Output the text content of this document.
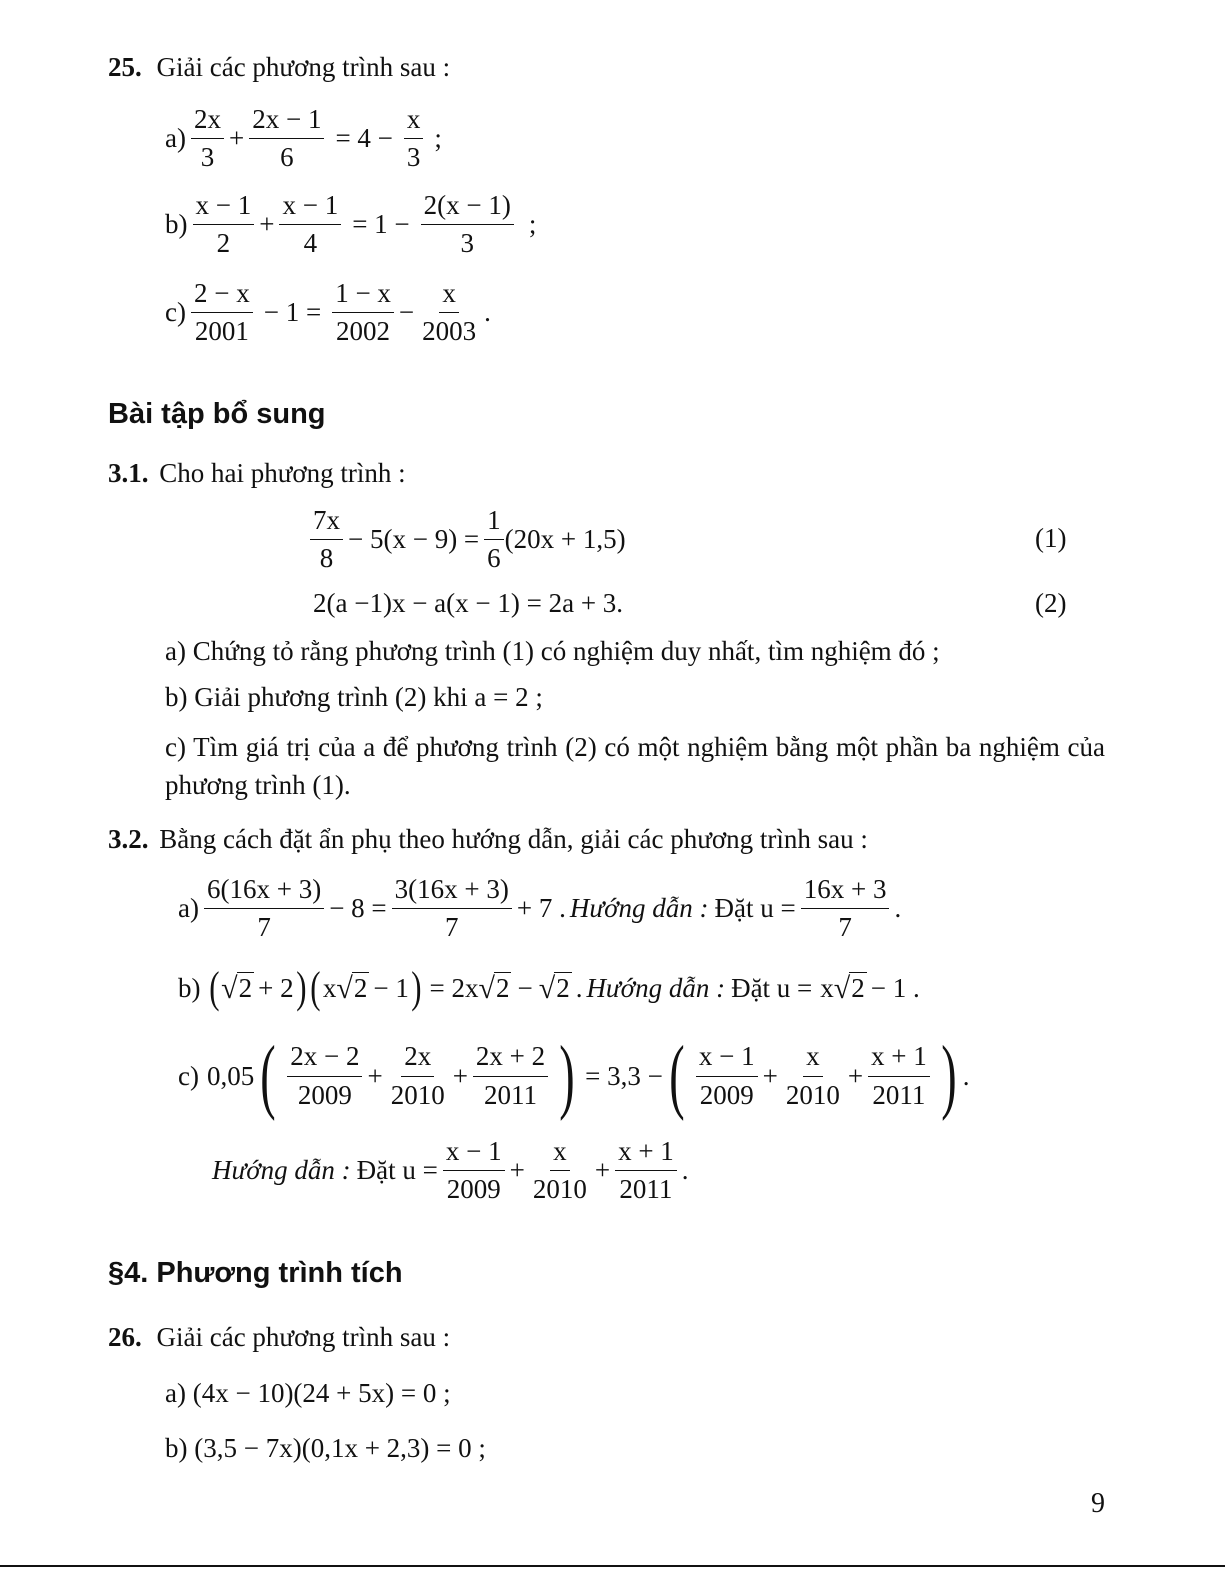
25. Giải các phương trình sau :
$a) \frac{2x}{3} + \frac{2x - 1}{6} = 4 - \frac{x}{3}$ ;
$b) \frac{x - 1}{2} + \frac{x - 1}{4} = 1 - \frac{2(x - 1)}{3}$ ;
$c) \frac{2 - x}{2001} - 1 = \frac{1 - x}{2002} - \frac{x}{2003}$ .
Bài tập bổ sung
3.1. Cho hai phương trình :
$\frac{7x}{8} - 5(x - 9) = \frac{1}{6} (20x + 1,5)$	(1)
2(a −1)x − a(x − 1) = 2a + 3.	(2)
a) Chứng tỏ rằng phương trình (1) có nghiệm duy nhất, tìm nghiệm đó ;
b) Giải phương trình (2) khi a = 2 ;
c) Tìm giá trị của a để phương trình (2) có một nghiệm bằng một phần ba nghiệm của phương trình (1).
3.2. Bằng cách đặt ẩn phụ theo hướng dẫn, giải các phương trình sau :
$a) \frac{6(16x + 3)}{7} - 8 = \frac{3(16x + 3)}{7} + 7$ . Hướng dẫn : Đặt $u = \frac{16x + 3}{7}$ .
b) ( √ 2 + 2 ) ( x √ 2 − 1 ) = 2x √ 2 − √ 2 . Hướng dẫn : Đặt u = x √ 2 − 1 .
c) 0,05 ( $\frac{2x - 2}{2009} + \frac{2x}{2010} + \frac{2x + 2}{2011}$ ) = 3,3 − ( $\frac{x - 1}{2009} + \frac{x}{2010} + \frac{x + 1}{2011}$ ) .
Hướng dẫn : Đặt $u = \frac{x - 1}{2009} + \frac{x}{2010} + \frac{x + 1}{2011}$ .
§4. Phương trình tích
26. Giải các phương trình sau :
a) (4x − 10)(24 + 5x) = 0 ;
b) (3,5 − 7x)(0,1x + 2,3) = 0 ;
9
